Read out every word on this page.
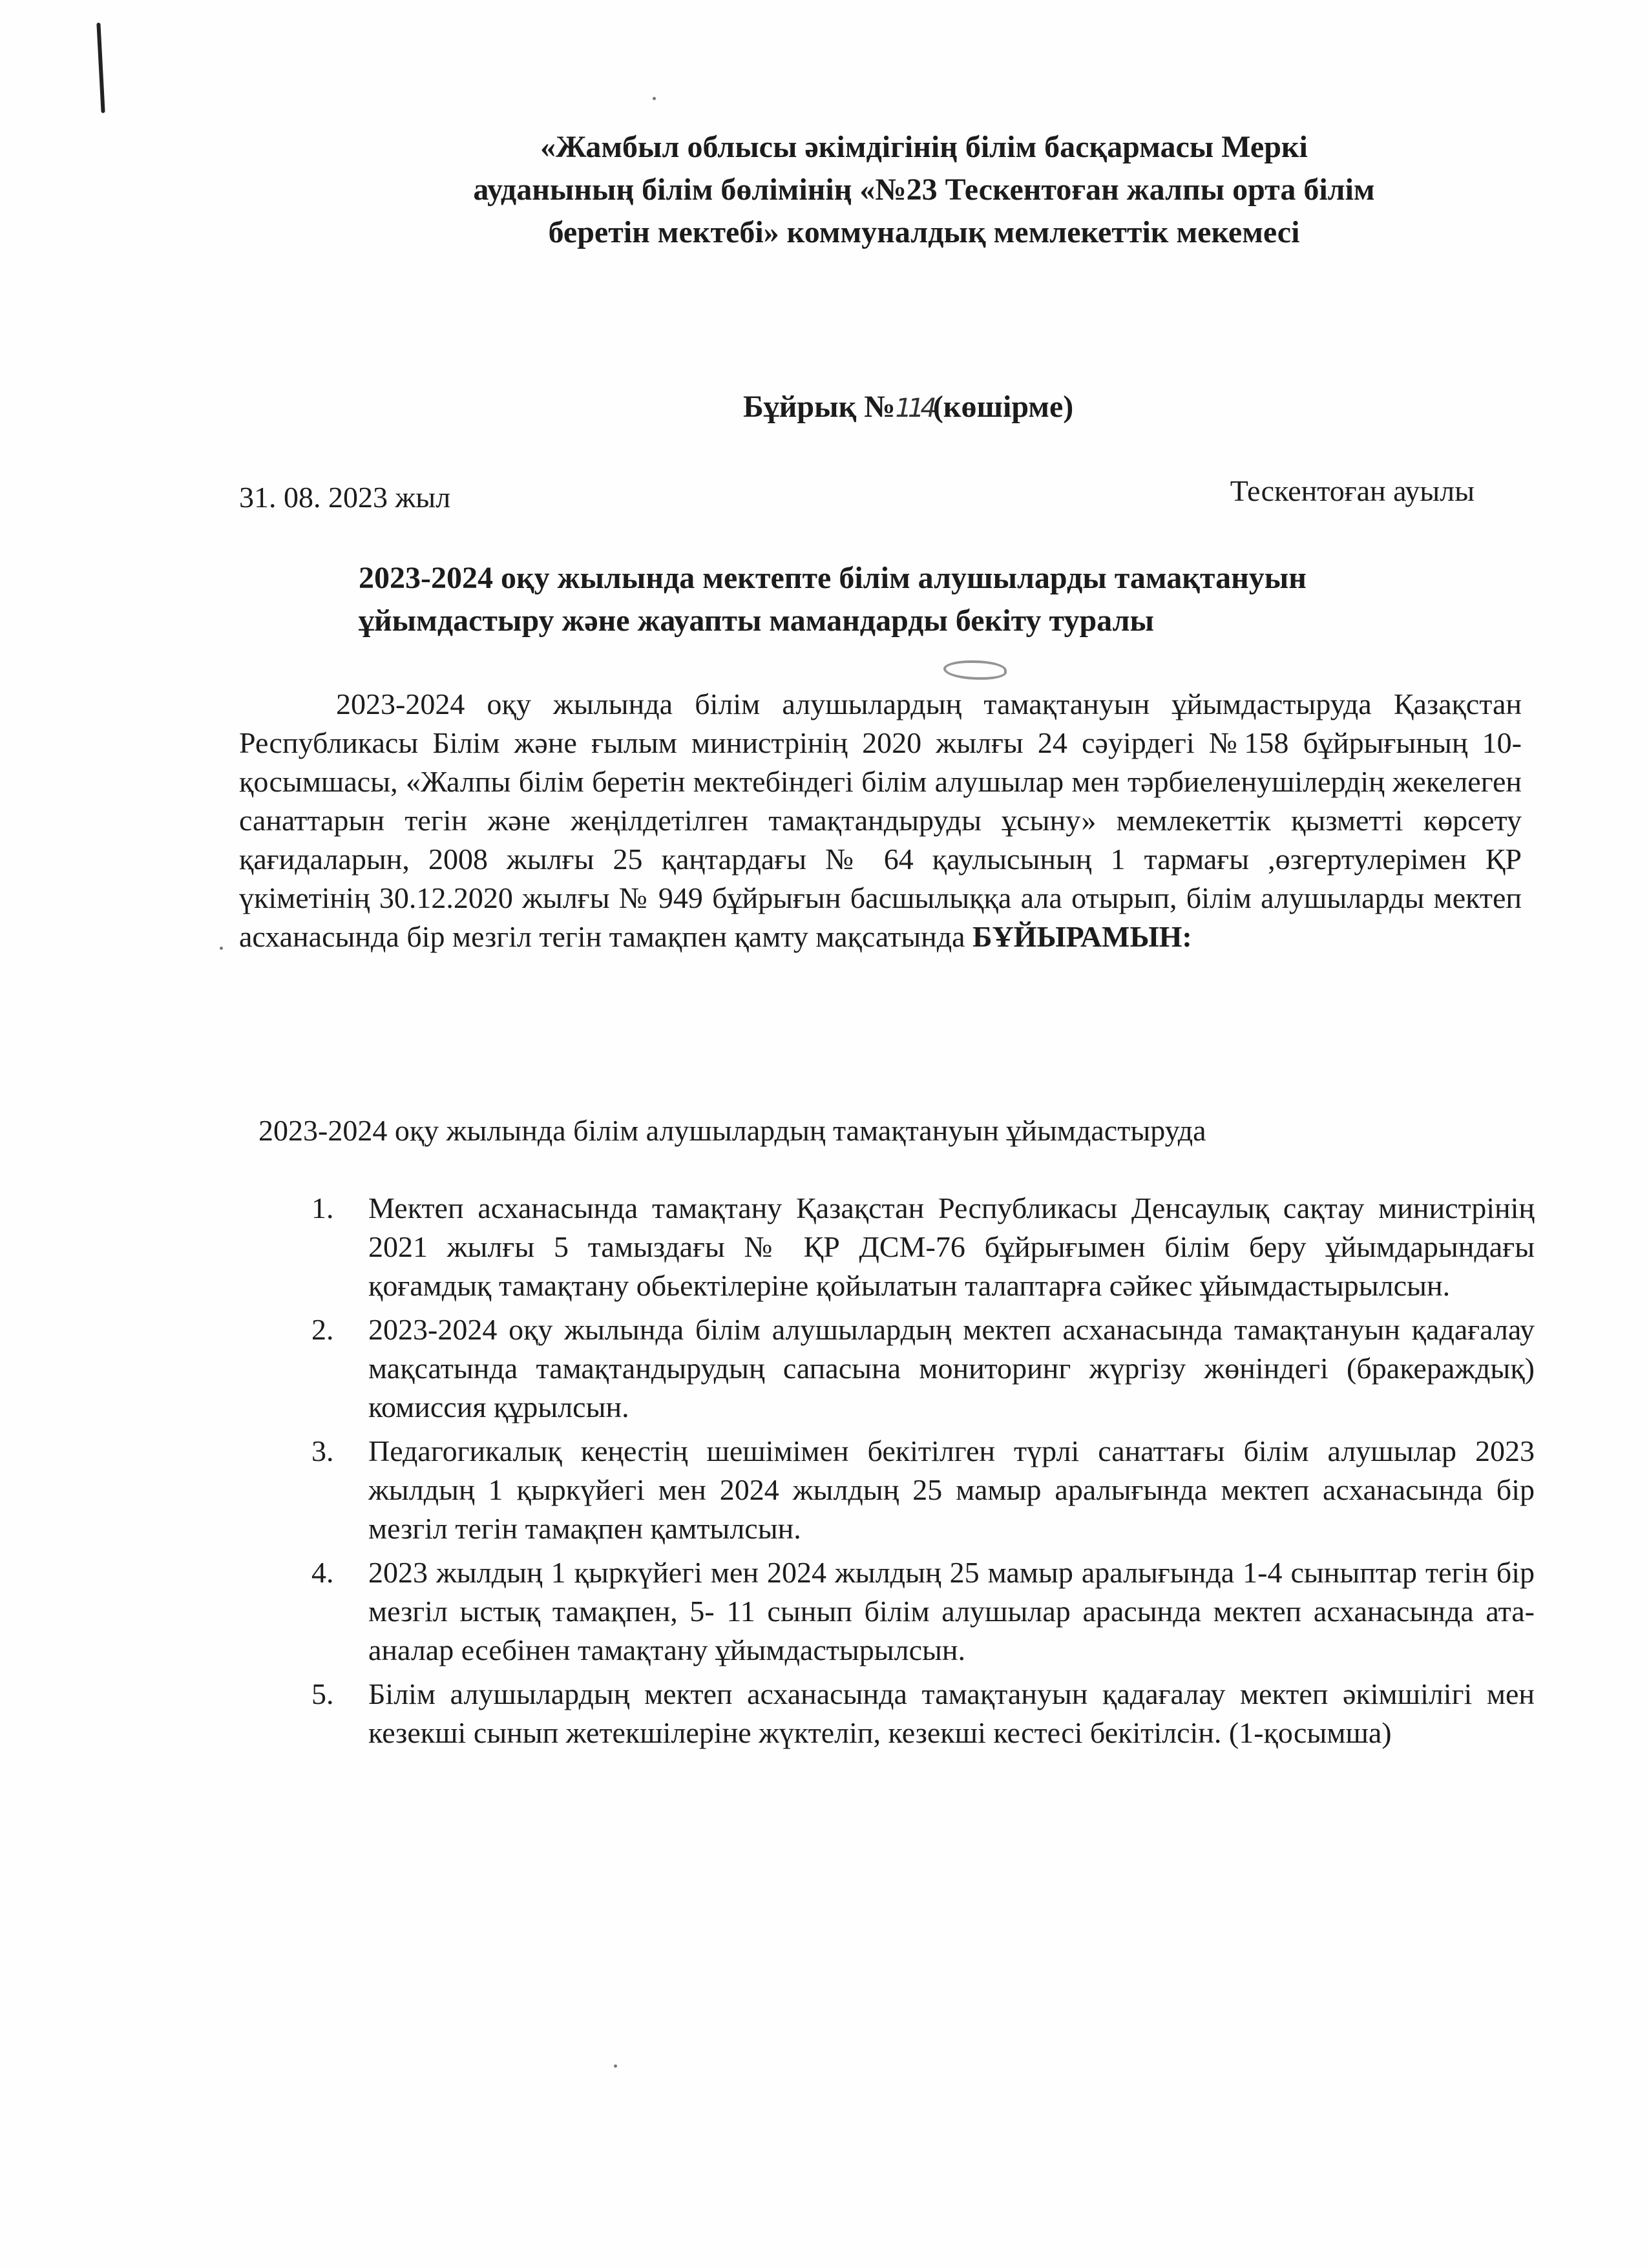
«Жамбыл облысы әкімдігінің білім басқармасы Меркі
ауданының білім бөлімінің «№23 Тескентоған жалпы орта білім
беретін мектебі» коммуналдық мемлекеттік мекемесі
Бұйрық №114(көшірме)
31. 08. 2023 жыл	Тескентоған ауылы
2023-2024 оқу жылында мектепте білім алушыларды тамақтануын
ұйымдастыру және жауапты мамандарды бекіту туралы

2023-2024 оқу жылында білім алушылардың тамақтануын ұйымдастыруда Қазақстан Республикасы Білім және ғылым министрінің 2020 жылғы 24 сәуірдегі №158 бұйрығының 10-қосымшасы, «Жалпы білім беретін мектебіндегі білім алушылар мен тәрбиеленушілердің жекелеген санаттарын тегін және жеңілдетілген тамақтандыруды ұсыну» мемлекеттік қызметті көрсету қағидаларын, 2008 жылғы 25 қаңтардағы № 64 қаулысының 1 тармағы ,өзгертулерімен ҚР үкіметінің 30.12.2020 жылғы № 949 бұйрығын басшылыққа ала отырып, білім алушыларды мектеп асханасында бір мезгіл тегін тамақпен қамту мақсатында БҰЙЫРАМЫН:

2023-2024 оқу жылында білім алушылардың тамақтануын ұйымдастыруда
1. Мектеп асханасында тамақтану Қазақстан Республикасы Денсаулық сақтау министрінің 2021 жылғы 5 тамыздағы № ҚР ДСМ-76 бұйрығымен білім беру ұйымдарындағы қоғамдық тамақтану обьектілеріне қойылатын талаптарға сәйкес ұйымдастырылсын.
2. 2023-2024 оқу жылында білім алушылардың мектеп асханасында тамақтануын қадағалау мақсатында тамақтандырудың сапасына мониторинг жүргізу жөніндегі (бракераждық) комиссия құрылсын.
3. Педагогикалық кеңестің шешімімен бекітілген түрлі санаттағы білім алушылар 2023 жылдың 1 қыркүйегі мен 2024 жылдың 25 мамыр аралығында мектеп асханасында бір мезгіл тегін тамақпен қамтылсын.
4. 2023 жылдың 1 қыркүйегі мен 2024 жылдың 25 мамыр аралығында 1-4 сыныптар тегін бір мезгіл ыстық тамақпен, 5- 11 сынып білім алушылар арасында мектеп асханасында ата-аналар есебінен тамақтану ұйымдастырылсын.
5. Білім алушылардың мектеп асханасында тамақтануын қадағалау мектеп әкімшілігі мен кезекші сынып жетекшілеріне жүктеліп, кезекші кестесі бекітілсін. (1-қосымша)
